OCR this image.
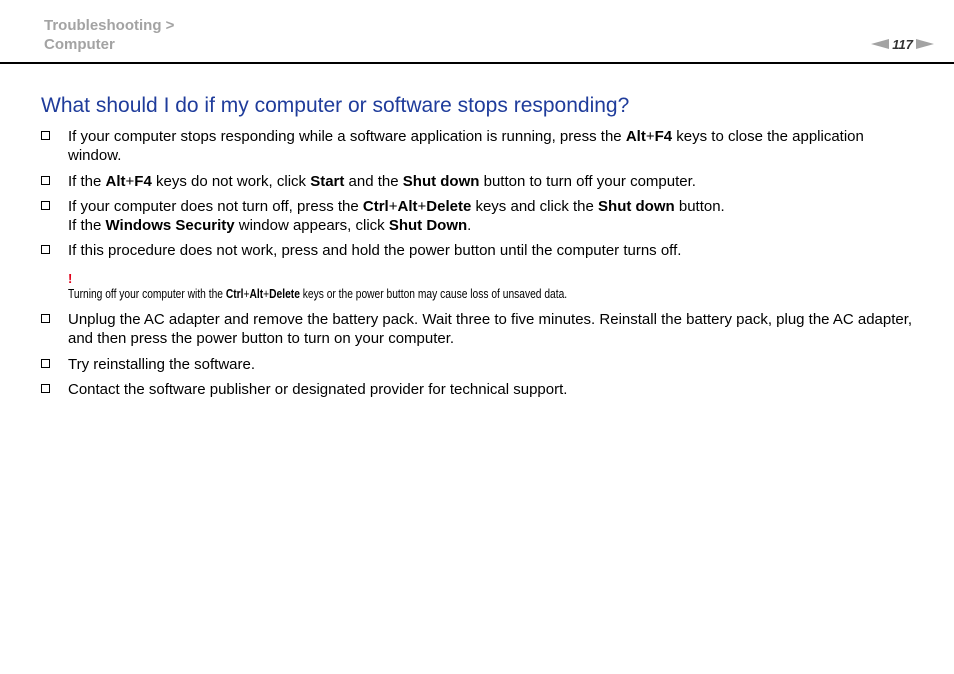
Troubleshooting >
Computer	117
What should I do if my computer or software stops responding?
If your computer stops responding while a software application is running, press the Alt+F4 keys to close the application window.
If the Alt+F4 keys do not work, click Start and the Shut down button to turn off your computer.
If your computer does not turn off, press the Ctrl+Alt+Delete keys and click the Shut down button.
If the Windows Security window appears, click Shut Down.
If this procedure does not work, press and hold the power button until the computer turns off.
!
Turning off your computer with the Ctrl+Alt+Delete keys or the power button may cause loss of unsaved data.
Unplug the AC adapter and remove the battery pack. Wait three to five minutes. Reinstall the battery pack, plug the AC adapter, and then press the power button to turn on your computer.
Try reinstalling the software.
Contact the software publisher or designated provider for technical support.
